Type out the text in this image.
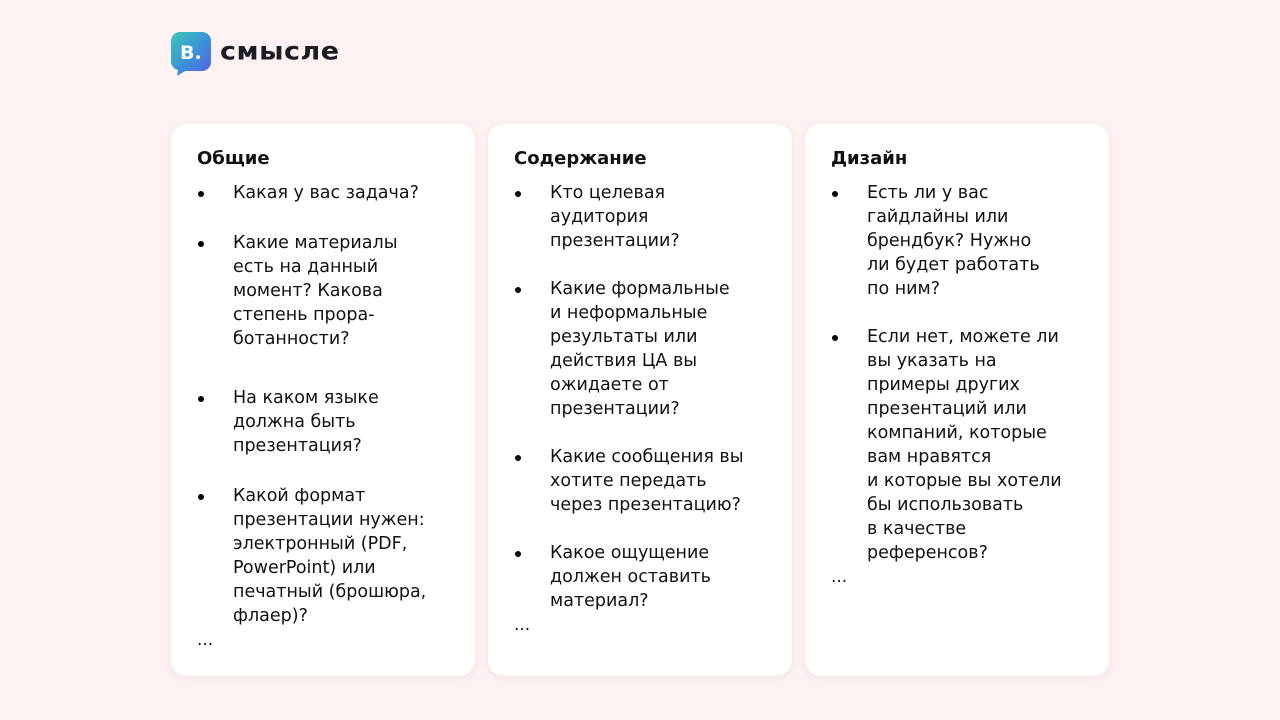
B. смысле
Общие
Какая у вас задача?
Какие материалы
есть на данный
момент? Какова
степень прора-
ботанности?
На каком языке
должна быть
презентация?
Какой формат
презентации нужен:
электронный (PDF,
PowerPoint) или
печатный (брошюра,
флаер)?
...
Содержание
Кто целевая
аудитория
презентации?
Какие формальные
и неформальные
результаты или
действия ЦА вы
ожидаете от
презентации?
Какие сообщения вы
хотите передать
через презентацию?
Какое ощущение
должен оставить
материал?
...
Дизайн
Есть ли у вас
гайдлайны или
брендбук? Нужно
ли будет работать
по ним?
Если нет, можете ли
вы указать на
примеры других
презентаций или
компаний, которые
вам нравятся
и которые вы хотели
бы использовать
в качестве
референсов?
...
